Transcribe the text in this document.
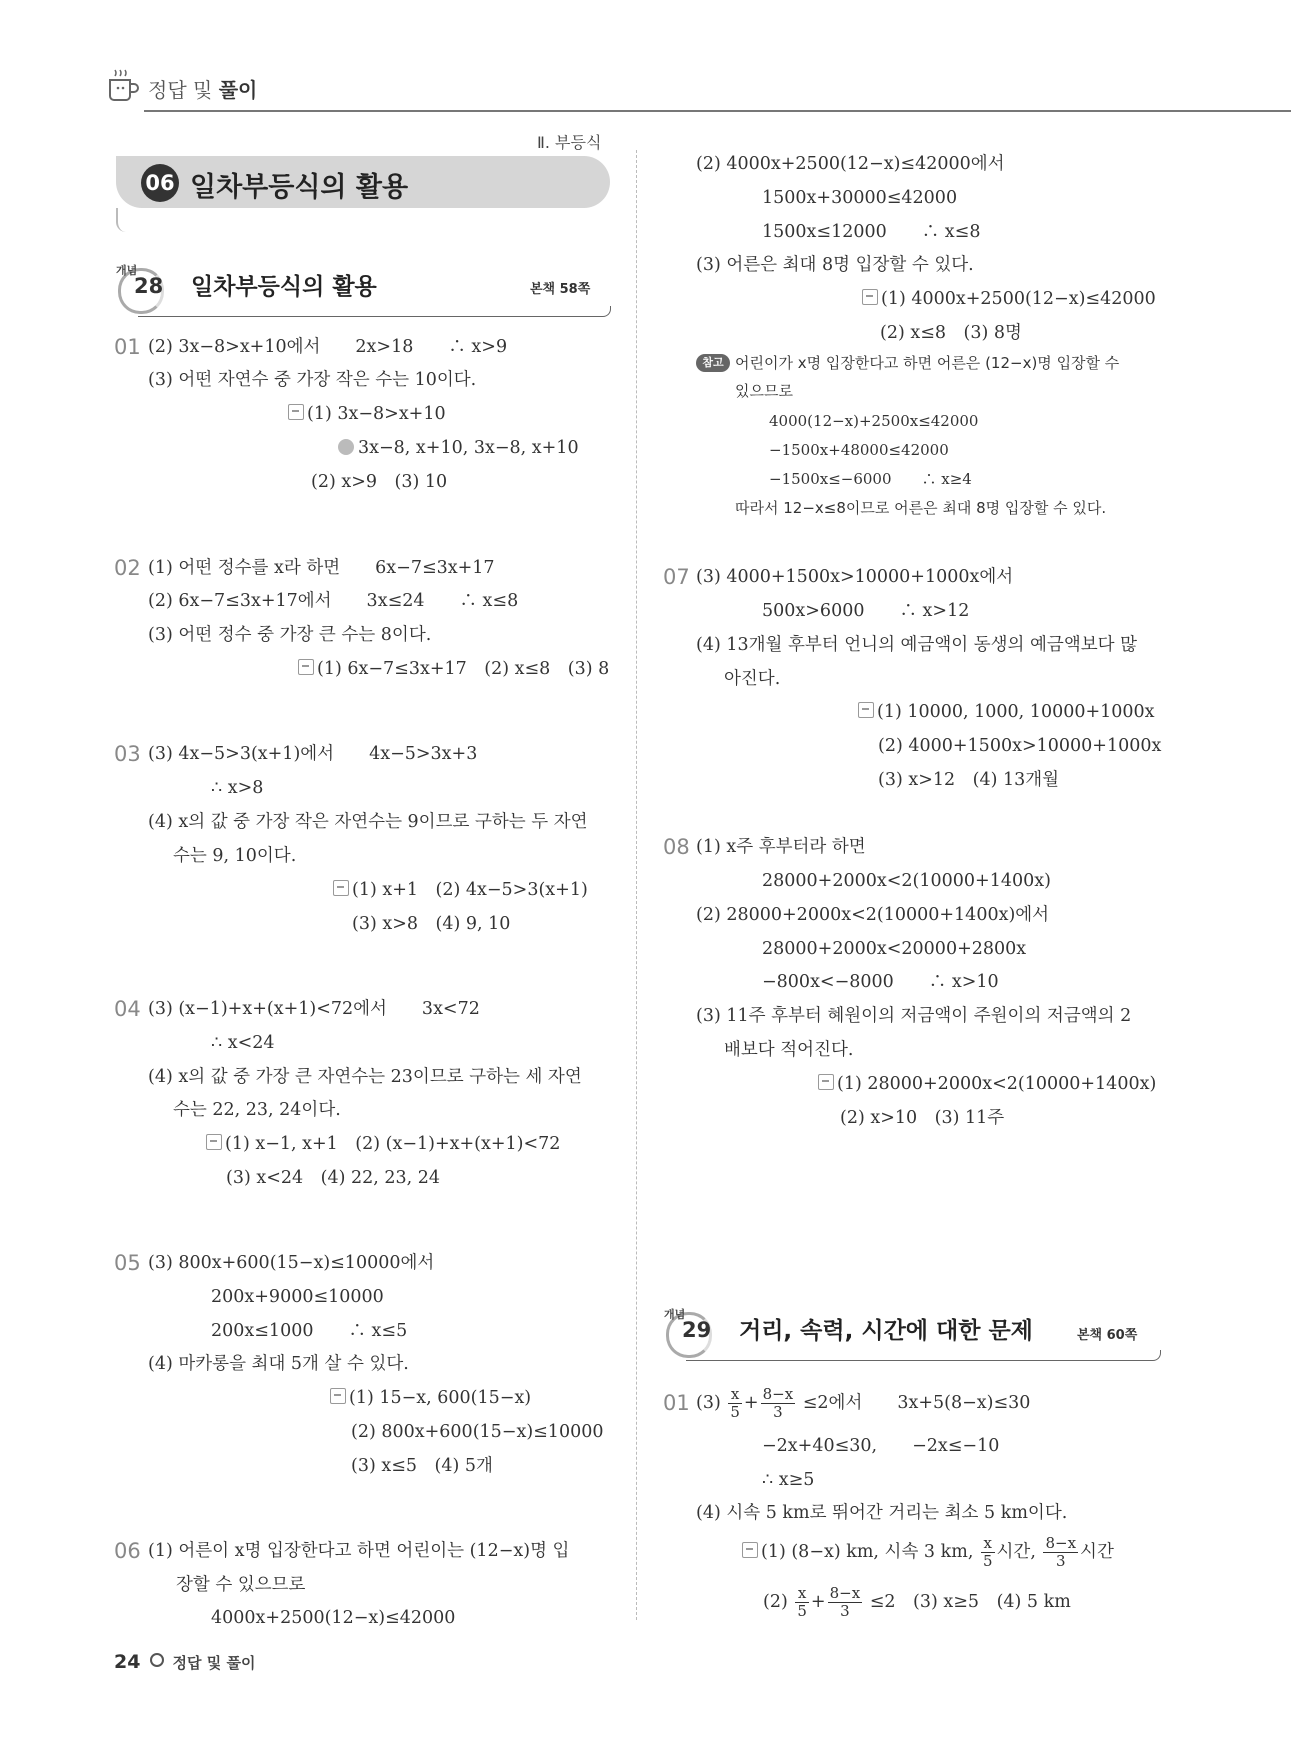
정답 및 풀이
Ⅱ. 부등식
06 일차부등식의 활용
개념
28 일차부등식의 활용	본책 58쪽
01 (2) 3x−8>x+10에서　　2x>18　　∴ x>9
(3) 어떤 자연수 중 가장 작은 수는 10이다.
(1) 3x−8>x+10
3x−8, x+10, 3x−8, x+10
(2) x>9　(3) 10
02 (1) 어떤 정수를 x라 하면　　6x−7≤3x+17
(2) 6x−7≤3x+17에서　　3x≤24　　∴ x≤8
(3) 어떤 정수 중 가장 큰 수는 8이다.
(1) 6x−7≤3x+17　(2) x≤8　(3) 8
03 (3) 4x−5>3(x+1)에서　　4x−5>3x+3
∴ x>8
(4) x의 값 중 가장 작은 자연수는 9이므로 구하는 두 자연
수는 9, 10이다.
(1) x+1　(2) 4x−5>3(x+1)
(3) x>8　(4) 9, 10
04 (3) (x−1)+x+(x+1)<72에서　　3x<72
∴ x<24
(4) x의 값 중 가장 큰 자연수는 23이므로 구하는 세 자연
수는 22, 23, 24이다.
(1) x−1, x+1　(2) (x−1)+x+(x+1)<72
(3) x<24　(4) 22, 23, 24
05 (3) 800x+600(15−x)≤10000에서
200x+9000≤10000
200x≤1000　　∴ x≤5
(4) 마카롱을 최대 5개 살 수 있다.
(1) 15−x, 600(15−x)
(2) 800x+600(15−x)≤10000
(3) x≤5　(4) 5개
06 (1) 어른이 x명 입장한다고 하면 어린이는 (12−x)명 입
장할 수 있으므로
4000x+2500(12−x)≤42000
(2) 4000x+2500(12−x)≤42000에서
1500x+30000≤42000
1500x≤12000　　∴ x≤8
(3) 어른은 최대 8명 입장할 수 있다.
(1) 4000x+2500(12−x)≤42000
(2) x≤8　(3) 8명
참고 어린이가 x명 입장한다고 하면 어른은 (12−x)명 입장할 수
있으므로
4000(12−x)+2500x≤42000
−1500x+48000≤42000
−1500x≤−6000　　∴ x≥4
따라서 12−x≤8이므로 어른은 최대 8명 입장할 수 있다.
07 (3) 4000+1500x>10000+1000x에서
500x>6000　　∴ x>12
(4) 13개월 후부터 언니의 예금액이 동생의 예금액보다 많
아진다.
(1) 10000, 1000, 10000+1000x
(2) 4000+1500x>10000+1000x
(3) x>12　(4) 13개월
08 (1) x주 후부터라 하면
28000+2000x<2(10000+1400x)
(2) 28000+2000x<2(10000+1400x)에서
28000+2000x<20000+2800x
−800x<−8000　　∴ x>10
(3) 11주 후부터 혜원이의 저금액이 주원이의 저금액의 2
배보다 적어진다.
(1) 28000+2000x<2(10000+1400x)
(2) x>10　(3) 11주
개념
29 거리, 속력, 시간에 대한 문제	본책 60쪽
01 $(3) \frac{x}{5} + \frac{8-x}{3} \le 2$에서　　3x+5(8−x)≤30
−2x+40≤30,　　−2x≤−10
∴ x≥5
(4) 시속 5 km로 뛰어간 거리는 최소 5 km이다.
(1) (8−x) km, 시속 3 km, $\frac{x}{5}$ 시간, $\frac{8-x}{3}$ 시간
$(2) \frac{x}{5} + \frac{8-x}{3} \le 2$　(3) x≥5　(4) 5 km
24 정답 및 풀이
